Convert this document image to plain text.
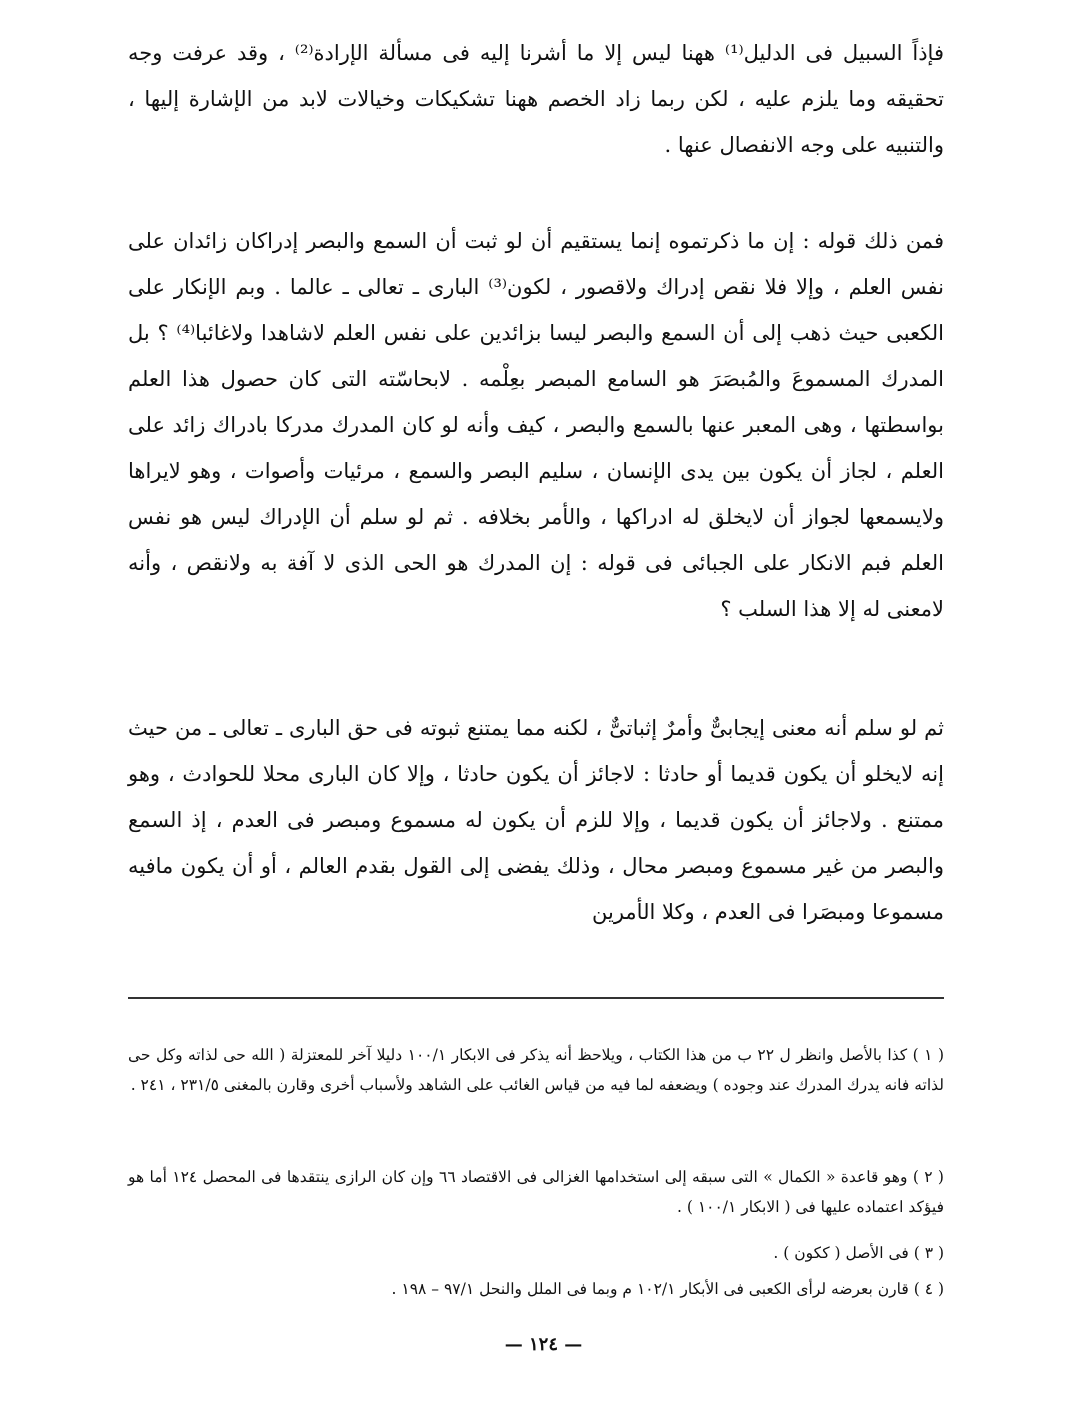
فإذاً السبيل فى الدليل⁽¹⁾ ههنا ليس إلا ما أشرنا إليه فى مسألة الإرادة⁽²⁾ ، وقد عرفت وجه تحقيقه وما يلزم عليه ، لكن ربما زاد الخصم ههنا تشكيكات وخيالات لابد من الإشارة إليها ، والتنبيه على وجه الانفصال عنها .

فمن ذلك قوله : إن ما ذكرتموه إنما يستقيم أن لو ثبت أن السمع والبصر إدراكان زائدان على نفس العلم ، وإلا فلا نقص إدراك ولاقصور ، لكون⁽³⁾ البارى ـ تعالى ـ عالما . وبم الإنكار على الكعبى حيث ذهب إلى أن السمع والبصر ليسا بزائدين على نفس العلم لاشاهدا ولاغائبا⁽⁴⁾ ؟ بل المدرك المسموعَ والمُبصَرَ هو السامع المبصر بعِلْمه . لابحاسّته التى كان حصول هذا العلم بواسطتها ، وهى المعبر عنها بالسمع والبصر ، كيف وأنه لو كان المدرك مدركا بادراك زائد على العلم ، لجاز أن يكون بين يدى الإنسان ، سليم البصر والسمع ، مرئيات وأصوات ، وهو لايراها ولايسمعها لجواز أن لايخلق له ادراكها ، والأمر بخلافه . ثم لو سلم أن الإدراك ليس هو نفس العلم فبم الانكار على الجبائى فى قوله : إن المدرك هو الحى الذى لا آفة به ولانقص ، وأنه لامعنى له إلا هذا السلب ؟

ثم لو سلم أنه معنى إيجابىٌّ وأمرٌ إثباتىٌّ ، لكنه مما يمتنع ثبوته فى حق البارى ـ تعالى ـ من حيث إنه لايخلو أن يكون قديما أو حادثا : لاجائز أن يكون حادثا ، وإلا كان البارى محلا للحوادث ، وهو ممتنع . ولاجائز أن يكون قديما ، وإلا للزم أن يكون له مسموع ومبصر فى العدم ، إذ السمع والبصر من غير مسموع ومبصر محال ، وذلك يفضى إلى القول بقدم العالم ، أو أن يكون مافيه مسموعا ومبصَرا فى العدم ، وكلا الأمرين

( ١ ) كذا بالأصل وانظر ل ٢٢ ب من هذا الكتاب ، ويلاحظ أنه يذكر فى الابكار ١٠٠/١ دليلا آخر للمعتزلة ( الله حى لذاته وكل حى لذاته فانه يدرك المدرك عند وجوده ) ويضعفه لما فيه من قياس الغائب على الشاهد ولأسباب أخرى وقارن بالمغنى ٢٣١/٥ ، ٢٤١ .

( ٢ ) وهو قاعدة « الكمال » التى سبقه إلى استخدامها الغزالى فى الاقتصاد ٦٦ وإن كان الرازى ينتقدها فى المحصل ١٢٤ أما هو فيؤكد اعتماده عليها فى ( الابكار ١٠٠/١ ) .

( ٣ ) فى الأصل ( ككون ) .

( ٤ ) قارن بعرضه لرأى الكعبى فى الأبكار ١٠٢/١ م وبما فى الملل والنحل ٩٧/١ – ١٩٨ .

— ١٢٤ —
